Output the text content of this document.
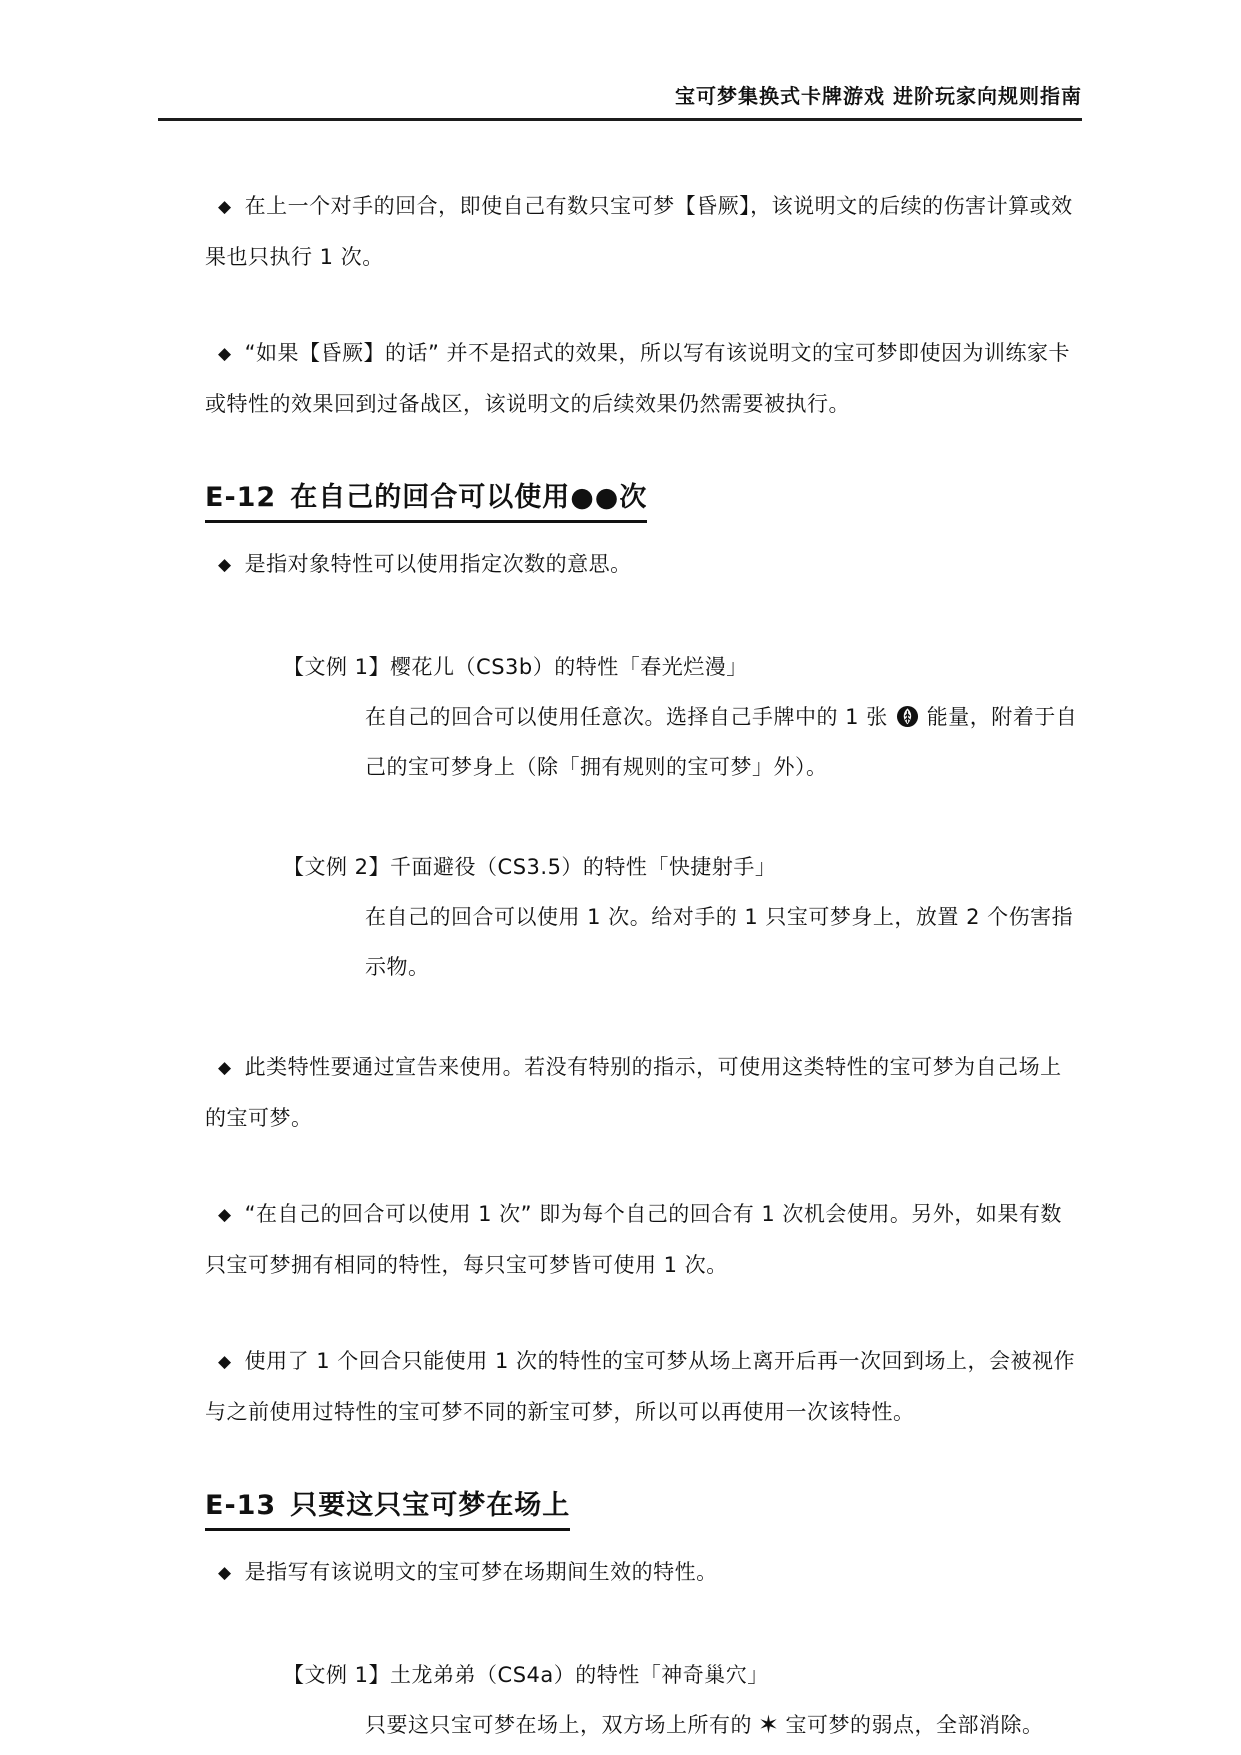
宝可梦集换式卡牌游戏 进阶玩家向规则指南

◆ 在上一个对手的回合，即使自己有数只宝可梦【昏厥】，该说明文的后续的伤害计算或效果也只执行 1 次。

◆ “如果【昏厥】的话” 并不是招式的效果，所以写有该说明文的宝可梦即使因为训练家卡或特性的效果回到过备战区，该说明文的后续效果仍然需要被执行。

E-12 在自己的回合可以使用●●次

◆ 是指对象特性可以使用指定次数的意思。

【文例 1】樱花儿（CS3b）的特性「春光烂漫」

在自己的回合可以使用任意次。选择自己手牌中的 1 张 能量，附着于自己的宝可梦身上（除「拥有规则的宝可梦」外）。

【文例 2】千面避役（CS3.5）的特性「快捷射手」

在自己的回合可以使用 1 次。给对手的 1 只宝可梦身上，放置 2 个伤害指示物。

◆ 此类特性要通过宣告来使用。若没有特别的指示，可使用这类特性的宝可梦为自己场上的宝可梦。

◆ “在自己的回合可以使用 1 次” 即为每个自己的回合有 1 次机会使用。另外，如果有数只宝可梦拥有相同的特性，每只宝可梦皆可使用 1 次。

◆ 使用了 1 个回合只能使用 1 次的特性的宝可梦从场上离开后再一次回到场上，会被视作与之前使用过特性的宝可梦不同的新宝可梦，所以可以再使用一次该特性。

E-13 只要这只宝可梦在场上

◆ 是指写有该说明文的宝可梦在场期间生效的特性。

【文例 1】土龙弟弟（CS4a）的特性「神奇巢穴」

只要这只宝可梦在场上，双方场上所有的 ✶ 宝可梦的弱点，全部消除。
